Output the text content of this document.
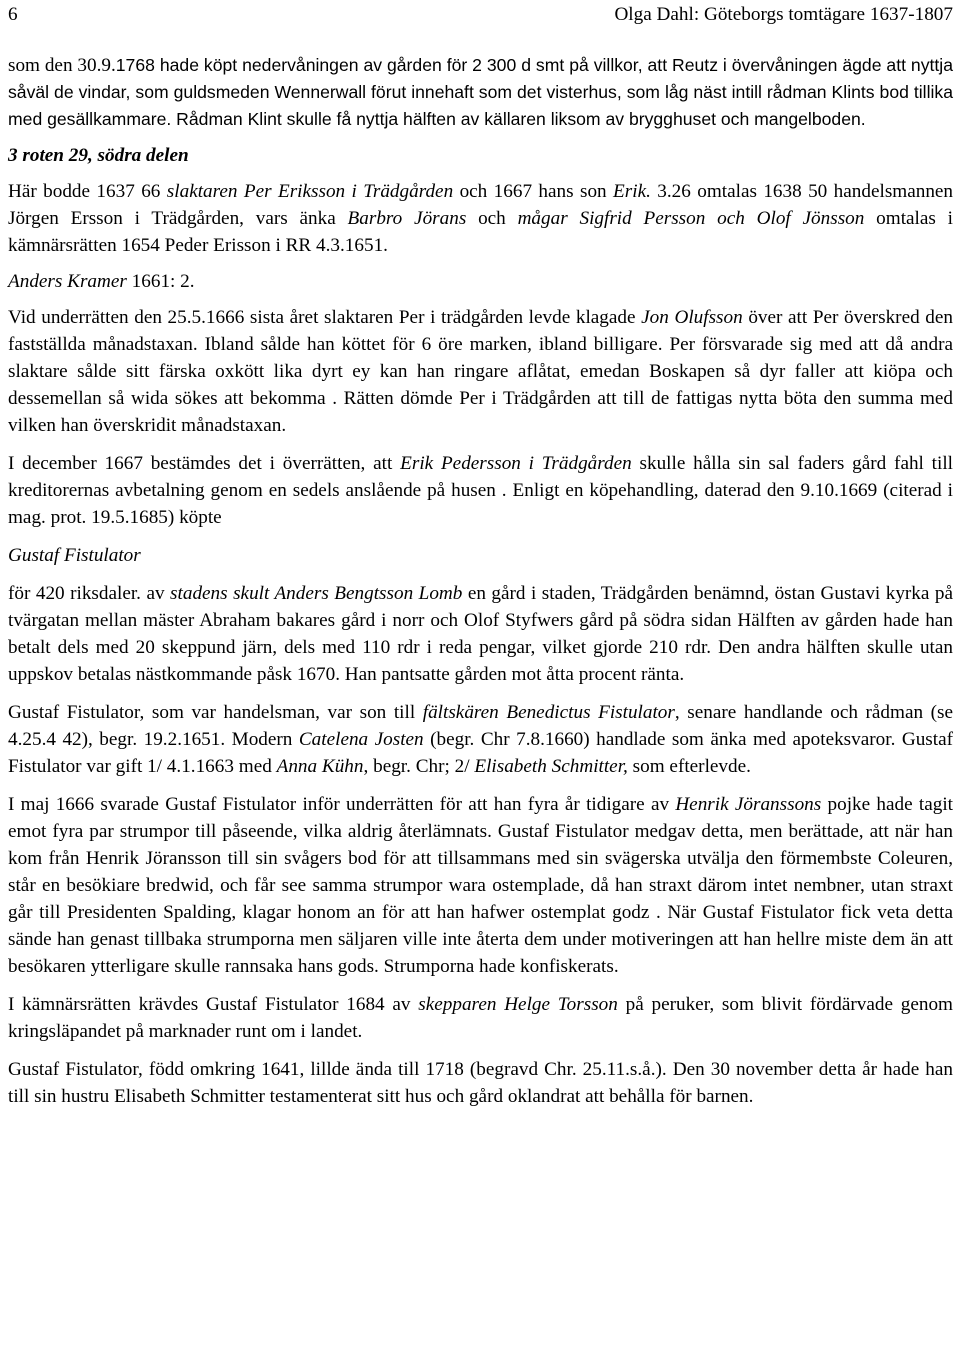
6	Olga Dahl: Göteborgs tomtägare 1637-1807

som den 30.9.1768 hade köpt nedervåningen av gården för 2 300 d smt på villkor, att Reutz i övervåningen ägde att nyttja såväl de vindar, som guldsmeden Wennerwall förut innehaft som det visterhus, som låg näst intill rådman Klints bod tillika med gesällkammare. Rådman Klint skulle få nyttja hälften av källaren liksom av brygghuset och mangelboden.

3 roten 29, södra delen

Här bodde 1637 66 slaktaren Per Eriksson i Trädgården och 1667 hans son Erik. 3.26 omtalas 1638 50 handelsmannen Jörgen Ersson i Trädgården, vars änka Barbro Jörans och mågar Sigfrid Persson och Olof Jönsson omtalas i kämnärsrätten 1654 Peder Erisson i RR 4.3.1651.

Anders Kramer 1661: 2.

Vid underrätten den 25.5.1666 sista året slaktaren Per i trädgården levde klagade Jon Olufsson över att Per överskred den fastställda månadstaxan. Ibland sålde han köttet för 6 öre marken, ibland billigare. Per försvarade sig med att då andra slaktare sålde sitt färska oxkött lika dyrt ey kan han ringare aflåtat, emedan Boskapen så dyr faller att kiöpa och dessemellan så wida sökes att bekomma . Rätten dömde Per i Trädgården att till de fattigas nytta böta den summa med vilken han överskridit månadstaxan.

I december 1667 bestämdes det i överrätten, att Erik Pedersson i Trädgården skulle hålla sin sal faders gård fahl till kreditorernas avbetalning genom en sedels anslående på husen . Enligt en köpehandling, daterad den 9.10.1669 (citerad i mag. prot. 19.5.1685) köpte

Gustaf Fistulator

för 420 riksdaler. av stadens skult Anders Bengtsson Lomb en gård i staden, Trädgården benämnd, östan Gustavi kyrka på tvärgatan mellan mäster Abraham bakares gård i norr och Olof Styfwers gård på södra sidan Hälften av gården hade han betalt dels med 20 skeppund järn, dels med 110 rdr i reda pengar, vilket gjorde 210 rdr. Den andra hälften skulle utan uppskov betalas nästkommande påsk 1670. Han pantsatte gården mot åtta procent ränta.

Gustaf Fistulator, som var handelsman, var son till fältskären Benedictus Fistulator, senare handlande och rådman (se 4.25.4 42), begr. 19.2.1651. Modern Catelena Josten (begr. Chr 7.8.1660) handlade som änka med apoteksvaror. Gustaf Fistulator var gift 1/ 4.1.1663 med Anna Kühn, begr. Chr; 2/ Elisabeth Schmitter, som efterlevde.

I maj 1666 svarade Gustaf Fistulator inför underrätten för att han fyra år tidigare av Henrik Jöranssons pojke hade tagit emot fyra par strumpor till påseende, vilka aldrig återlämnats. Gustaf Fistulator medgav detta, men berättade, att när han kom från Henrik Jöransson till sin svågers bod för att tillsammans med sin svägerska utvälja den förmembste Coleuren, står en besökiare bredwid, och får see samma strumpor wara ostemplade, då han straxt därom intet nembner, utan straxt går till Presidenten Spalding, klagar honom an för att han hafwer ostemplat godz . När Gustaf Fistulator fick veta detta sände han genast tillbaka strumporna men säljaren ville inte återta dem under motiveringen att han hellre miste dem än att besökaren ytterligare skulle rannsaka hans gods. Strumporna hade konfiskerats.

I kämnärsrätten krävdes Gustaf Fistulator 1684 av skepparen Helge Torsson på peruker, som blivit fördärvade genom kringsläpandet på marknader runt om i landet.

Gustaf Fistulator, född omkring 1641, lillde ända till 1718 (begravd Chr. 25.11.s.å.). Den 30 november detta år hade han till sin hustru Elisabeth Schmitter testamenterat sitt hus och gård oklandrat att behålla för barnen.
